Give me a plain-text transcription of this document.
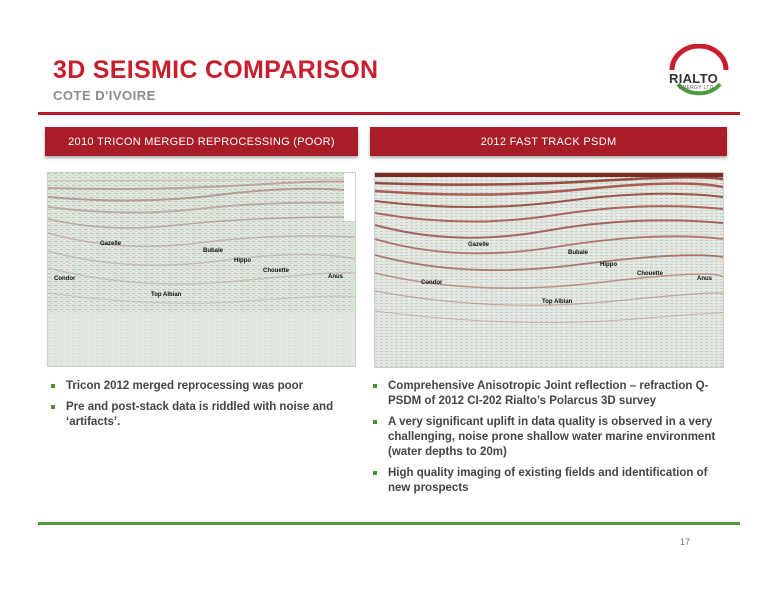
3D SEISMIC COMPARISON
COTE D'IVOIRE
RIALTO
ENERGY LTD
2010 TRICON MERGED REPROCESSING (POOR)	2012 FAST TRACK PSDM
Gazelle
Bubale
Hippo
Chouette
Condor
Top Albian
Anus
Gazelle
Bubale
Hippo
Chouette
Condor
Top Albian
Anus
Tricon 2012 merged reprocessing was poor
Pre and post-stack data is riddled with noise and ‘artifacts’.
Comprehensive Anisotropic Joint reflection – refraction Q-PSDM of 2012 CI-202 Rialto’s Polarcus 3D survey
A very significant uplift in data quality is observed in a very challenging, noise prone shallow water marine environment (water depths to 20m)
High quality imaging of existing fields and identification of new prospects
17
